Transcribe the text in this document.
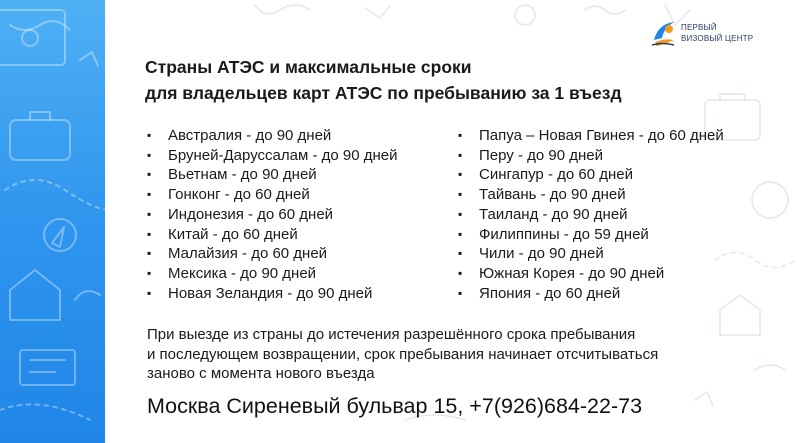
ПЕРВЫЙ
ВИЗОВЫЙ ЦЕНТР
Страны АТЭС и максимальные сроки
для владельцев карт АТЭС по пребыванию за 1 въезд
▪ Австралия - до 90 дней
▪ Бруней-Даруссалам - до 90 дней
▪ Вьетнам - до 90 дней
▪ Гонконг - до 60 дней
▪ Индонезия - до 60 дней
▪ Китай - до 60 дней
▪ Малайзия - до 60 дней
▪ Мексика - до 90 дней
▪ Новая Зеландия - до 90 дней
▪ Папуа – Новая Гвинея - до 60 дней
▪ Перу - до 90 дней
▪ Сингапур - до 60 дней
▪ Тайвань - до 90 дней
▪ Таиланд - до 90 дней
▪ Филиппины - до 59 дней
▪ Чили - до 90 дней
▪ Южная Корея - до 90 дней
▪ Япония - до 60 дней
При выезде из страны до истечения разрешённого срока пребывания
и последующем возвращении, срок пребывания начинает отсчитываться
заново с момента нового въезда
Москва Сиреневый бульвар 15, +7(926)684-22-73
